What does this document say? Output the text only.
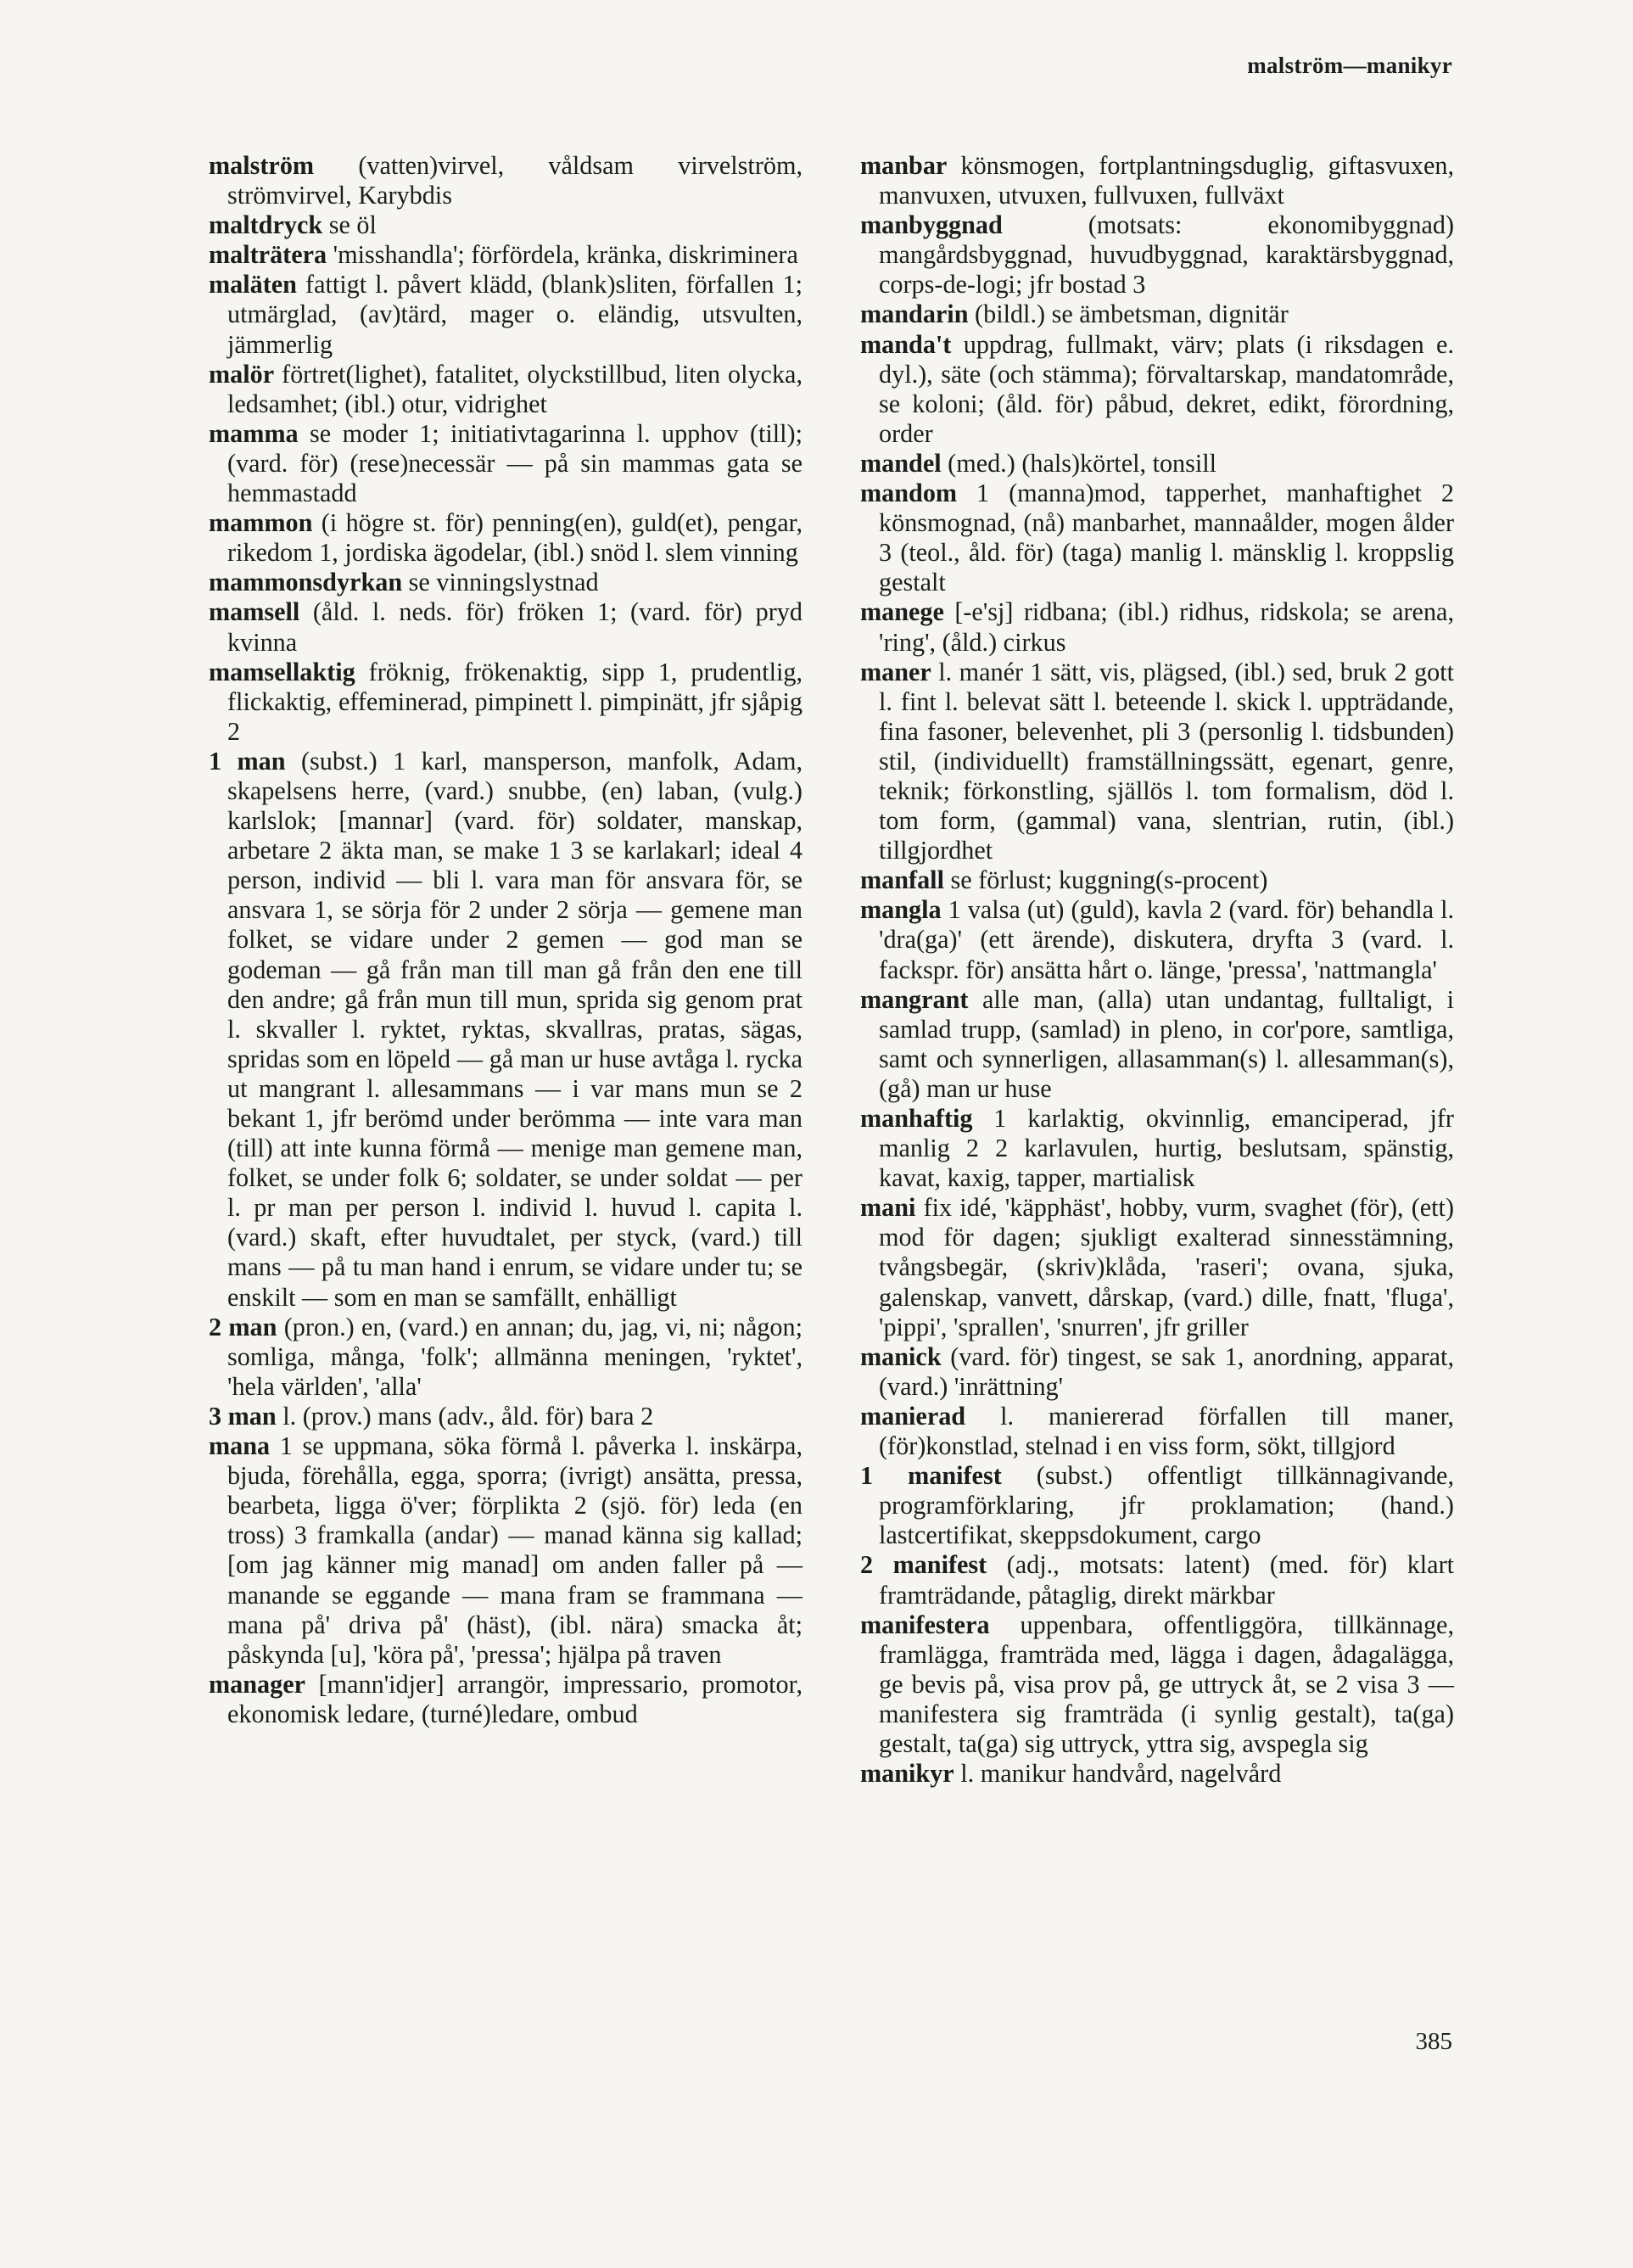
malström—manikyr

malström (vatten)virvel, våldsam virvelström, strömvirvel, Karybdis

maltdryck se öl

malträtera 'misshandla'; förfördela, kränka, diskriminera

maläten fattigt l. påvert klädd, (blank)sliten, förfallen 1; utmärglad, (av)tärd, mager o. eländig, utsvulten, jämmerlig

malör förtret(lighet), fatalitet, olyckstillbud, liten olycka, ledsamhet; (ibl.) otur, vidrighet

mamma se moder 1; initiativtagarinna l. upphov (till); (vard. för) (rese)necessär — på sin mammas gata se hemmastadd

mammon (i högre st. för) penning(en), guld(et), pengar, rikedom 1, jordiska ägodelar, (ibl.) snöd l. slem vinning

mammonsdyrkan se vinningslystnad

mamsell (åld. l. neds. för) fröken 1; (vard. för) pryd kvinna

mamsellaktig fröknig, frökenaktig, sipp 1, prudentlig, flickaktig, effeminerad, pimpinett l. pimpinätt, jfr sjåpig 2

1 man (subst.) 1 karl, mansperson, manfolk, Adam, skapelsens herre, (vard.) snubbe, (en) laban, (vulg.) karlslok; [mannar] (vard. för) soldater, manskap, arbetare 2 äkta man, se make 1 3 se karlakarl; ideal 4 person, individ — bli l. vara man för ansvara för, se ansvara 1, se sörja för 2 under 2 sörja — gemene man folket, se vidare under 2 gemen — god man se godeman — gå från man till man gå från den ene till den andre; gå från mun till mun, sprida sig genom prat l. skvaller l. ryktet, ryktas, skvallras, pratas, sägas, spridas som en löpeld — gå man ur huse avtåga l. rycka ut mangrant l. allesammans — i var mans mun se 2 bekant 1, jfr berömd under berömma — inte vara man (till) att inte kunna förmå — menige man gemene man, folket, se under folk 6; soldater, se under soldat — per l. pr man per person l. individ l. huvud l. capita l. (vard.) skaft, efter huvudtalet, per styck, (vard.) till mans — på tu man hand i enrum, se vidare under tu; se enskilt — som en man se samfällt, enhälligt

2 man (pron.) en, (vard.) en annan; du, jag, vi, ni; någon; somliga, många, 'folk'; allmänna meningen, 'ryktet', 'hela världen', 'alla'

3 man l. (prov.) mans (adv., åld. för) bara 2

mana 1 se uppmana, söka förmå l. påverka l. inskärpa, bjuda, förehålla, egga, sporra; (ivrigt) ansätta, pressa, bearbeta, ligga ö'ver; förplikta 2 (sjö. för) leda (en tross) 3 framkalla (andar) — manad känna sig kallad; [om jag känner mig manad] om anden faller på — manande se eggande — mana fram se frammana — mana på' driva på' (häst), (ibl. nära) smacka åt; påskynda [u], 'köra på', 'pressa'; hjälpa på traven

manager [mann'idjer] arrangör, impressario, promotor, ekonomisk ledare, (turné)ledare, ombud

manbar könsmogen, fortplantningsduglig, giftasvuxen, manvuxen, utvuxen, fullvuxen, fullväxt

manbyggnad (motsats: ekonomibyggnad) mangårdsbyggnad, huvudbyggnad, karaktärsbyggnad, corps-de-logi; jfr bostad 3

mandarin (bildl.) se ämbetsman, dignitär

manda't uppdrag, fullmakt, värv; plats (i riksdagen e. dyl.), säte (och stämma); förvaltarskap, mandatområde, se koloni; (åld. för) påbud, dekret, edikt, förordning, order

mandel (med.) (hals)körtel, tonsill

mandom 1 (manna)mod, tapperhet, manhaftighet 2 könsmognad, (nå) manbarhet, mannaålder, mogen ålder 3 (teol., åld. för) (taga) manlig l. mänsklig l. kroppslig gestalt

manege [-e'sj] ridbana; (ibl.) ridhus, ridskola; se arena, 'ring', (åld.) cirkus

maner l. manér 1 sätt, vis, plägsed, (ibl.) sed, bruk 2 gott l. fint l. belevat sätt l. beteende l. skick l. uppträdande, fina fasoner, belevenhet, pli 3 (personlig l. tidsbunden) stil, (individuellt) framställningssätt, egenart, genre, teknik; förkonstling, själlös l. tom formalism, död l. tom form, (gammal) vana, slentrian, rutin, (ibl.) tillgjordhet

manfall se förlust; kuggning(s-procent)

mangla 1 valsa (ut) (guld), kavla 2 (vard. för) behandla l. 'dra(ga)' (ett ärende), diskutera, dryfta 3 (vard. l. fackspr. för) ansätta hårt o. länge, 'pressa', 'nattmangla'

mangrant alle man, (alla) utan undantag, fulltaligt, i samlad trupp, (samlad) in pleno, in cor'pore, samtliga, samt och synnerligen, allasamman(s) l. allesamman(s), (gå) man ur huse

manhaftig 1 karlaktig, okvinnlig, emanciperad, jfr manlig 2 2 karlavulen, hurtig, beslutsam, spänstig, kavat, kaxig, tapper, martialisk

mani fix idé, 'käpphäst', hobby, vurm, svaghet (för), (ett) mod för dagen; sjukligt exalterad sinnesstämning, tvångsbegär, (skriv)klåda, 'raseri'; ovana, sjuka, galenskap, vanvett, dårskap, (vard.) dille, fnatt, 'fluga', 'pippi', 'sprallen', 'snurren', jfr griller

manick (vard. för) tingest, se sak 1, anordning, apparat, (vard.) 'inrättning'

manierad l. maniererad förfallen till maner, (för)konstlad, stelnad i en viss form, sökt, tillgjord

1 manifest (subst.) offentligt tillkännagivande, programförklaring, jfr proklamation; (hand.) lastcertifikat, skeppsdokument, cargo

2 manifest (adj., motsats: latent) (med. för) klart framträdande, påtaglig, direkt märkbar

manifestera uppenbara, offentliggöra, tillkännage, framlägga, framträda med, lägga i dagen, ådagalägga, ge bevis på, visa prov på, ge uttryck åt, se 2 visa 3 — manifestera sig framträda (i synlig gestalt), ta(ga) gestalt, ta(ga) sig uttryck, yttra sig, avspegla sig

manikyr l. manikur handvård, nagelvård

385
